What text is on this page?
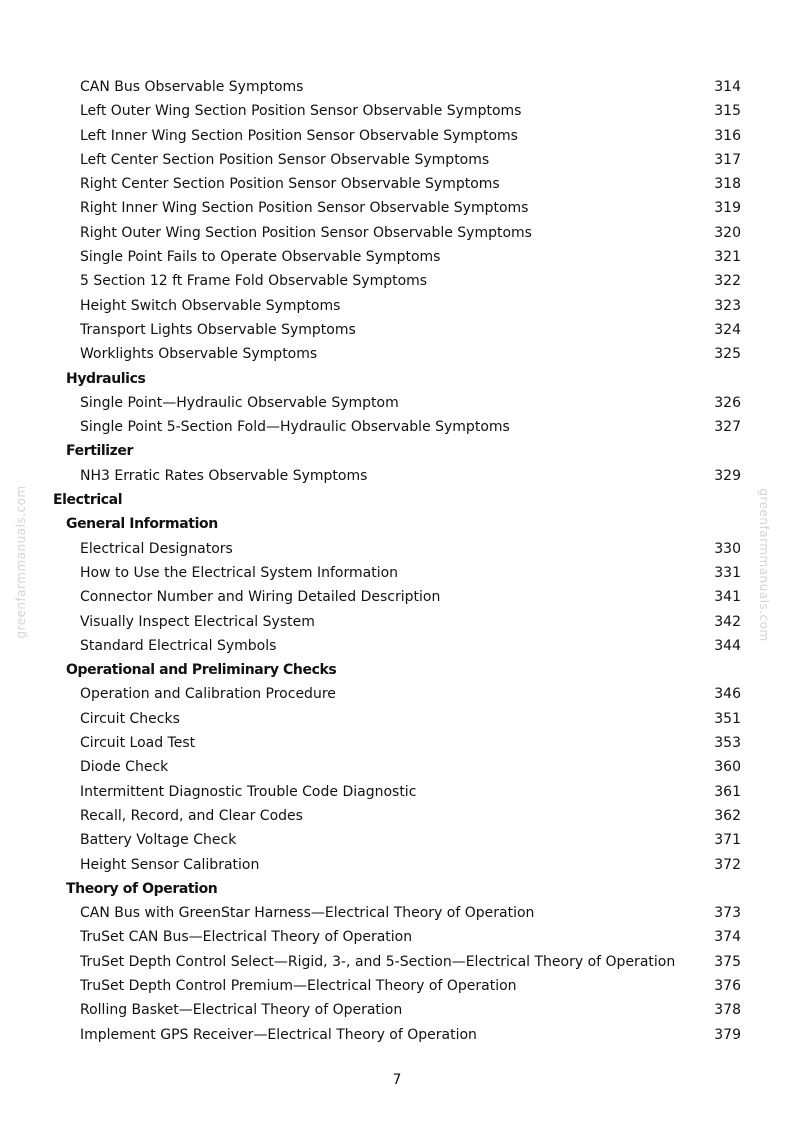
greenfarmmanuals.com	greenfarmmanuals.com
CAN Bus Observable Symptoms	314
Left Outer Wing Section Position Sensor Observable Symptoms	315
Left Inner Wing Section Position Sensor Observable Symptoms	316
Left Center Section Position Sensor Observable Symptoms	317
Right Center Section Position Sensor Observable Symptoms	318
Right Inner Wing Section Position Sensor Observable Symptoms	319
Right Outer Wing Section Position Sensor Observable Symptoms	320
Single Point Fails to Operate Observable Symptoms	321
5 Section 12 ft Frame Fold Observable Symptoms	322
Height Switch Observable Symptoms	323
Transport Lights Observable Symptoms	324
Worklights Observable Symptoms	325
Hydraulics
Single Point—Hydraulic Observable Symptom	326
Single Point 5-Section Fold—Hydraulic Observable Symptoms	327
Fertilizer
NH3 Erratic Rates Observable Symptoms	329
Electrical
General Information
Electrical Designators	330
How to Use the Electrical System Information	331
Connector Number and Wiring Detailed Description	341
Visually Inspect Electrical System	342
Standard Electrical Symbols	344
Operational and Preliminary Checks
Operation and Calibration Procedure	346
Circuit Checks	351
Circuit Load Test	353
Diode Check	360
Intermittent Diagnostic Trouble Code Diagnostic	361
Recall, Record, and Clear Codes	362
Battery Voltage Check	371
Height Sensor Calibration	372
Theory of Operation
CAN Bus with GreenStar Harness—Electrical Theory of Operation	373
TruSet CAN Bus—Electrical Theory of Operation	374
TruSet Depth Control Select—Rigid, 3-, and 5-Section—Electrical Theory of Operation	375
TruSet Depth Control Premium—Electrical Theory of Operation	376
Rolling Basket—Electrical Theory of Operation	378
Implement GPS Receiver—Electrical Theory of Operation	379
7
